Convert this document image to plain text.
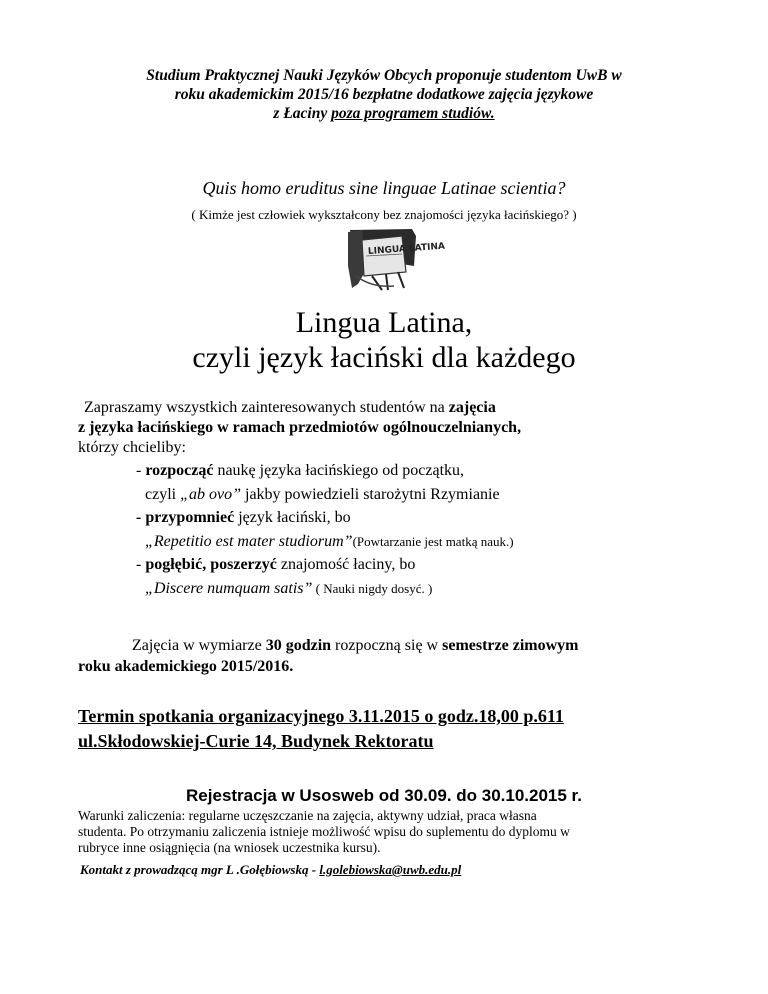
Studium Praktycznej Nauki Języków Obcych proponuje studentom UwB w
roku akademickim 2015/16 bezpłatne dodatkowe zajęcia językowe
z Łaciny poza programem studiów.
Quis homo eruditus sine linguae Latinae scientia?
( Kimże jest człowiek wykształcony bez znajomości języka łacińskiego? )
LINGUA LATINA
Lingua Latina,
czyli język łaciński dla każdego
Zapraszamy wszystkich zainteresowanych studentów na zajęcia
z języka łacińskiego w ramach przedmiotów ogólnouczelnianych,
którzy chcieliby:
- rozpocząć naukę języka łacińskiego od początku,
czyli „ab ovo” jakby powiedzieli starożytni Rzymianie
- przypomnieć język łaciński, bo
„Repetitio est mater studiorum”(Powtarzanie jest matką nauk.)
- pogłębić, poszerzyć znajomość łaciny, bo
„Discere numquam satis” ( Nauki nigdy dosyć. )
Zajęcia w wymiarze 30 godzin rozpoczną się w semestrze zimowym
roku akademickiego 2015/2016.
Termin spotkania organizacyjnego 3.11.2015 o godz.18,00 p.611
ul.Skłodowskiej-Curie 14, Budynek Rektoratu
Rejestracja w Usosweb od 30.09. do 30.10.2015 r.
Warunki zaliczenia: regularne uczęszczanie na zajęcia, aktywny udział, praca własna
studenta. Po otrzymaniu zaliczenia istnieje możliwość wpisu do suplementu do dyplomu w
rubryce inne osiągnięcia (na wniosek uczestnika kursu).
Kontakt z prowadzącą mgr L .Gołębiowską - l.golebiowska@uwb.edu.pl
